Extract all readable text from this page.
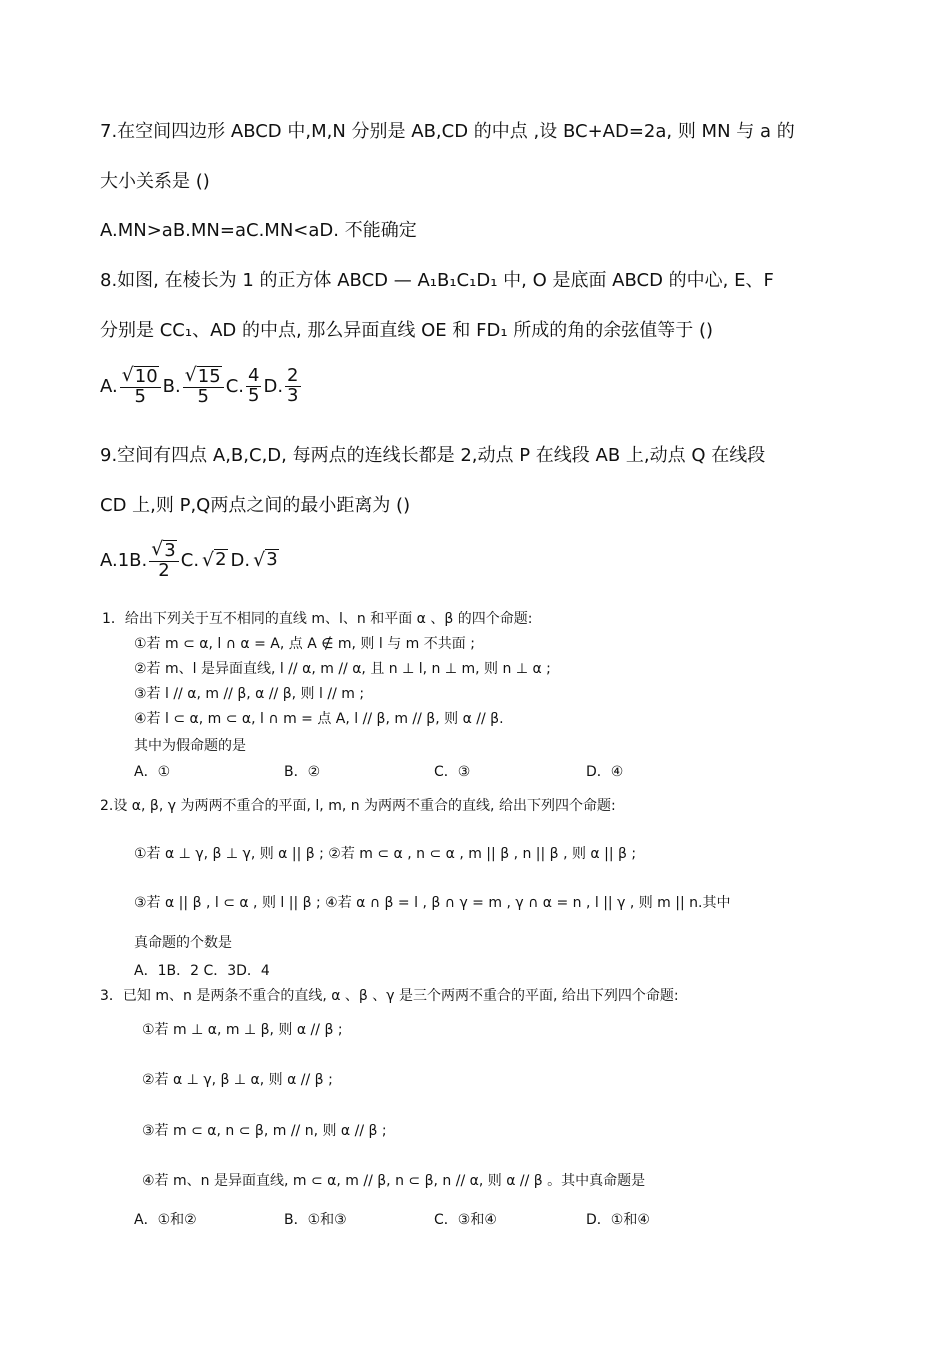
7.在空间四边形 ABCD 中,M,N 分别是 AB,CD 的中点 ,设 BC+AD=2a, 则 MN 与 a 的
大小关系是 ()
A.MN>aB.MN=aC.MN<aD. 不能确定
8.如图, 在棱长为 1 的正方体 ABCD — A₁B₁C₁D₁ 中, O 是底面 ABCD 的中心, E、F
分别是 CC₁、AD 的中点, 那么异面直线 OE 和 FD₁ 所成的角的余弦值等于 ()
A. $\frac{√ 10}{5} B$. $\frac{√ 15}{5} C$. $\frac{4}{5} D$. $\frac{2}{3}$
9.空间有四点 A,B,C,D, 每两点的连线长都是 2,动点 P 在线段 AB 上,动点 Q 在线段
CD 上,则 P,Q两点之间的最小距离为 ()
A.1B. $\frac{√ 3}{2} C$. √ 2 D. √ 3
1．给出下列关于互不相同的直线 m、l、n 和平面 α 、β 的四个命题:
①若 m ⊂ α, l ∩ α = A, 点 A ∉ m, 则 l 与 m 不共面 ;
②若 m、l 是异面直线, l // α, m // α, 且 n ⊥ l, n ⊥ m, 则 n ⊥ α ;
③若 l // α, m // β, α // β, 则 l // m ;
④若 l ⊂ α, m ⊂ α, l ∩ m = 点 A, l // β, m // β, 则 α // β.
其中为假命题的是
A．①	B．②	C．③	D．④
2.设 α, β, γ 为两两不重合的平面, l, m, n 为两两不重合的直线, 给出下列四个命题:
①若 α ⊥ γ, β ⊥ γ, 则 α || β ; ②若 m ⊂ α , n ⊂ α , m || β , n || β , 则 α || β ;
③若 α || β , l ⊂ α , 则 l || β ; ④若 α ∩ β = l , β ∩ γ = m , γ ∩ α = n , l || γ , 则 m || n.其中
真命题的个数是
A．1B．2 C．3D．4
3．已知 m、n 是两条不重合的直线, α 、β 、γ 是三个两两不重合的平面, 给出下列四个命题:
①若 m ⊥ α, m ⊥ β, 则 α // β ;
②若 α ⊥ γ, β ⊥ α, 则 α // β ;
③若 m ⊂ α, n ⊂ β, m // n, 则 α // β ;
④若 m、n 是异面直线, m ⊂ α, m // β, n ⊂ β, n // α, 则 α // β 。其中真命题是
A．①和②	B．①和③	C．③和④	D．①和④
